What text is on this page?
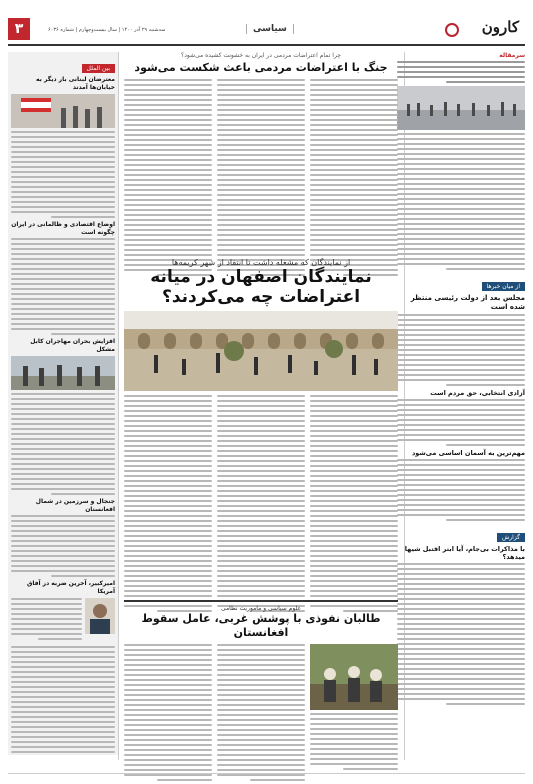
۳	سه‌شنبه ۲۹ آذر ۱۴۰۰ | سال بیست‌وچهارم | شماره ۶۰۳۶	سیاسی	کارون
سرمقاله
از میان خبرها
مجلس بعد از دولت رئیسی منتظر شده است
آزادی انتخابی، حق مردم است
مهم‌ترین به آسمان اساسی می‌شود
گزارش
با مذاکرات بی‌جام، آیا ابتر اقتبل شیها میدهد؟
چرا تمام اعتراضات مردمی در ایران به خشونت کشیده می‌شود؟
جنگ با اعتراضات مردمی باعث شکست می‌شود
از نمایندگان که مشغله داشت تا انتقاد از شهر کریمه‌ها
نمایندگان اصفهان در میانه اعتراضات چه می‌کردند؟
علوم سیاسی و ماموریت نظامی
طالبان نفوذی با پوشش غربی، عامل سقوط افغانستان
بین الملل
معترضان لبنانی بار دیگر به خیابان‌ها آمدند
اوضاع اقتصادی و ظالمانی در ایران چگونه است
افزایش بحران مهاجران کابل مشکل
جنجال و سرزمین در شمال افغانستان
امیرکبیر، آخرین ضربه در آفاق آمریکا
